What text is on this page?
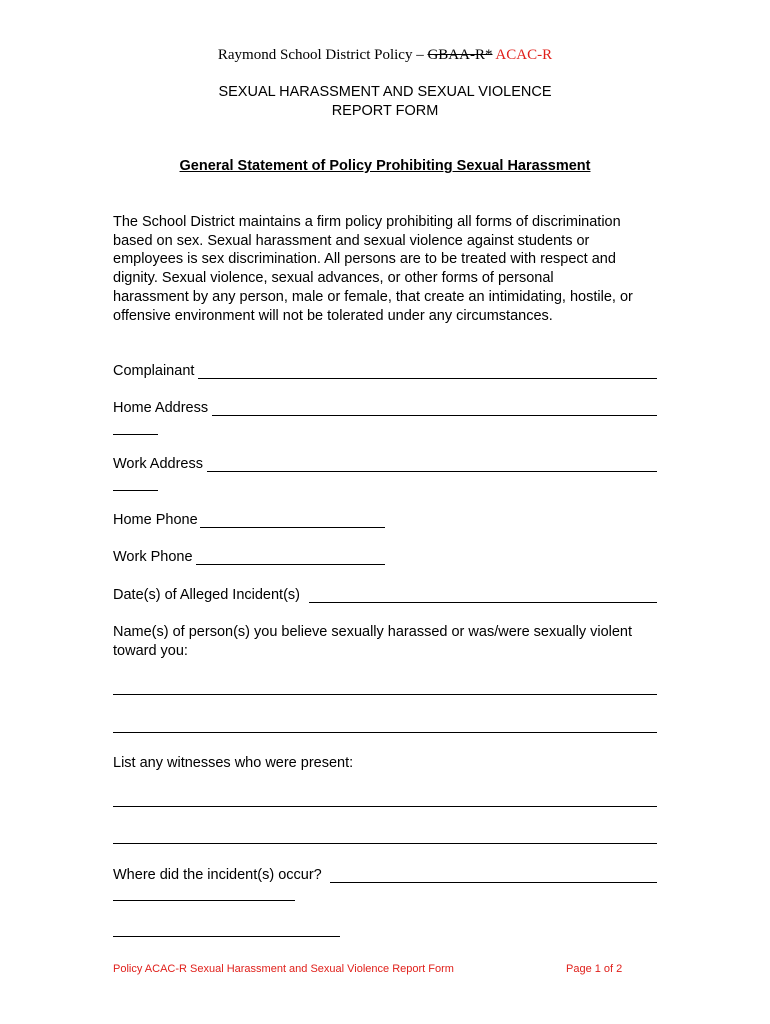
Raymond School District Policy – GBAA-R* ACAC-R
SEXUAL HARASSMENT AND SEXUAL VIOLENCE
REPORT FORM
General Statement of Policy Prohibiting Sexual Harassment
The School District maintains a firm policy prohibiting all forms of discrimination
based on sex. Sexual harassment and sexual violence against students or
employees is sex discrimination. All persons are to be treated with respect and
dignity. Sexual violence, sexual advances, or other forms of personal
harassment by any person, male or female, that create an intimidating, hostile, or
offensive environment will not be tolerated under any circumstances.
Complainant
Home Address
Work Address
Home Phone
Work Phone
Date(s) of Alleged Incident(s)
Name(s) of person(s) you believe sexually harassed or was/were sexually violent
toward you:
List any witnesses who were present:
Where did the incident(s) occur?
Policy ACAC-R Sexual Harassment and Sexual Violence Report Form	Page 1 of 2
